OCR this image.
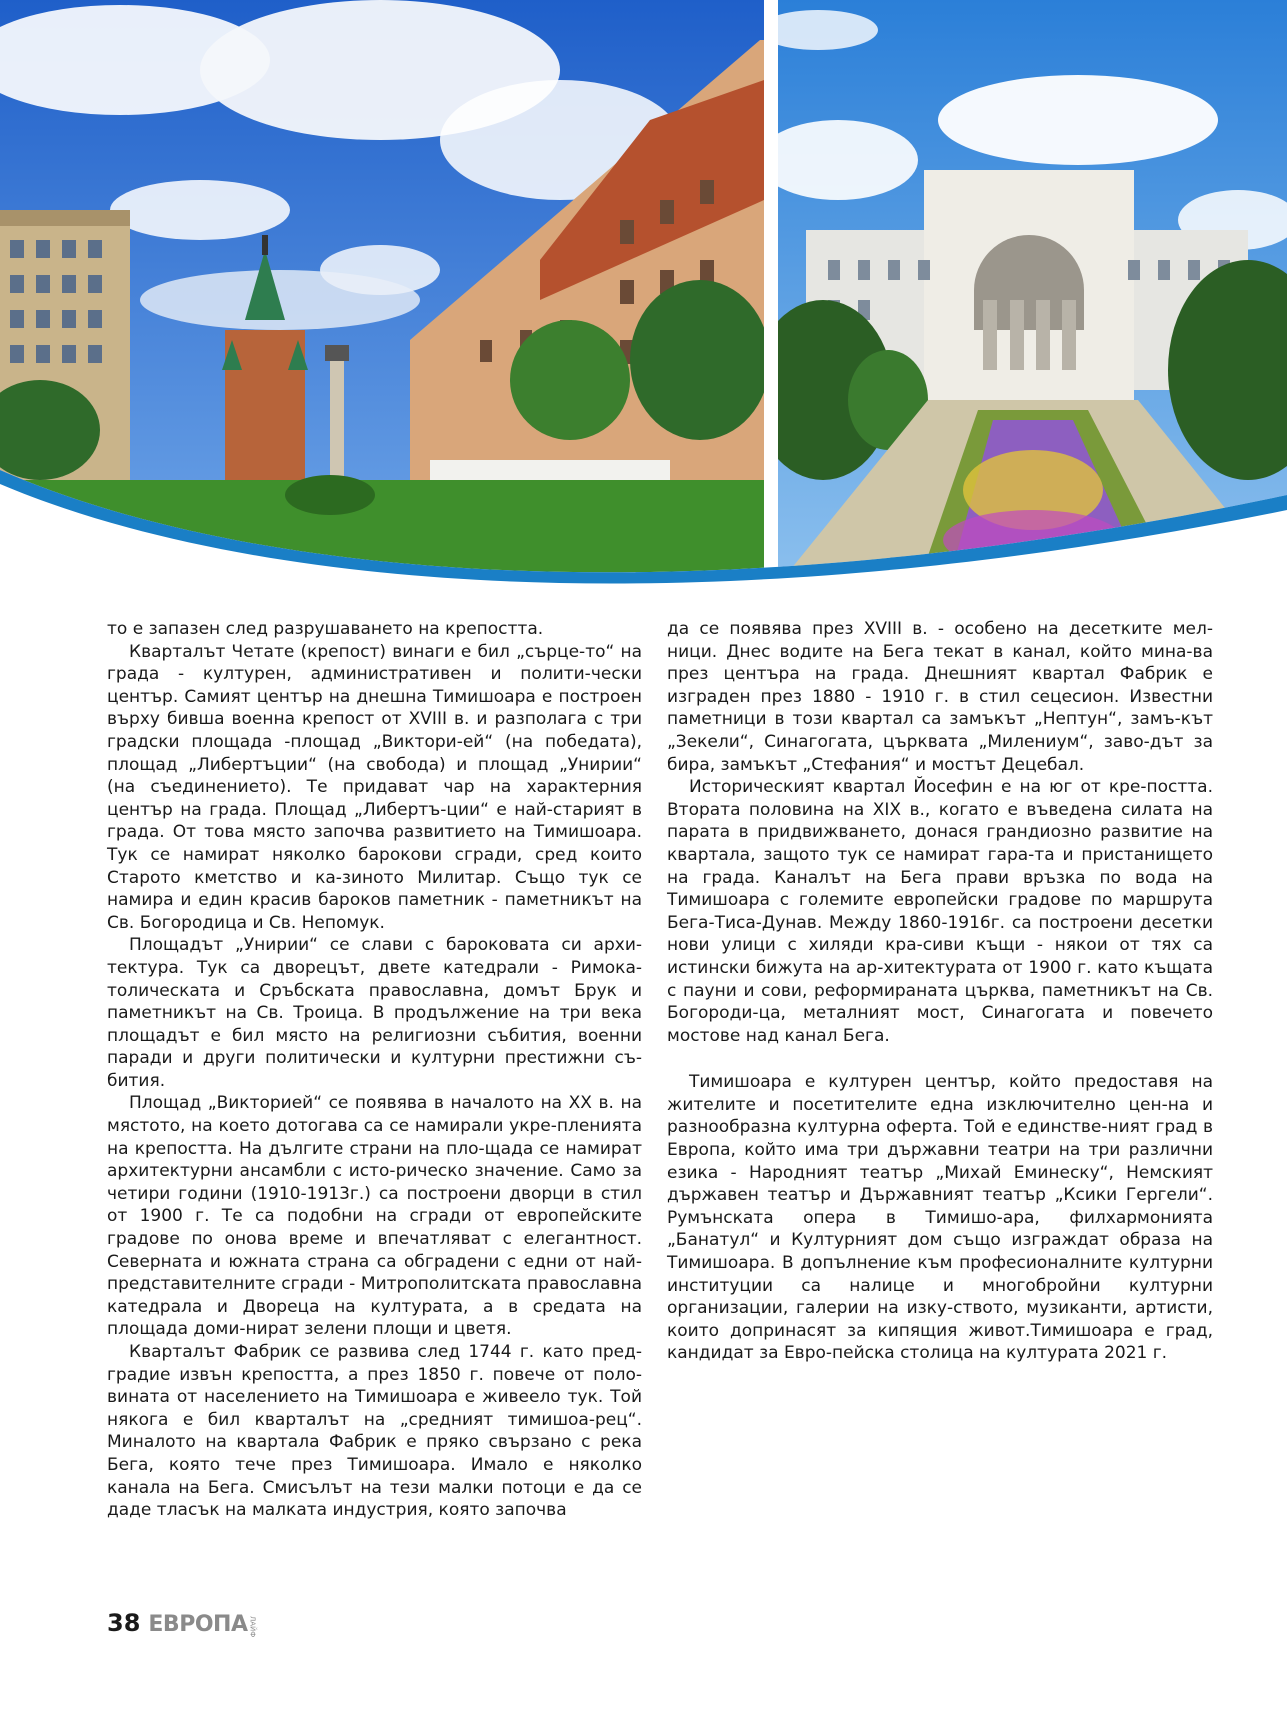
то е запазен след разрушаването на крепостта.

Кварталът Четате (крепост) винаги е бил „сърце-то“ на града - културен, административен и полити-чески център. Самият център на днешна Тимишоара е построен върху бивша военна крепост от XVIII в. и разполага с три градски площада -площад „Виктори-ей“ (на победата), площад „Либертъции“ (на свобода) и площад „Унирии“ (на съединението). Те придават чар на характерния център на града. Площад „Либертъ-ции“ е най-старият в града. От това място започва развитието на Тимишоара. Тук се намират няколко барокови сгради, сред които Старото кметство и ка-зиното Милитар. Също тук се намира и един красив бароков паметник - паметникът на Св. Богородица и Св. Непомук.

Площадът „Унирии“ се слави с бароковата си архи-тектура. Тук са дворецът, двете катедрали - Римока-толическата и Сръбската православна, домът Брук и паметникът на Св. Троица. В продължение на три века площадът е бил място на религиозни събития, военни паради и други политически и културни престижни съ-бития.

Площад „Викторией“ се появява в началото на XX в. на мястото, на което дотогава са се намирали укре-пленията на крепостта. На дългите страни на пло-щада се намират архитектурни ансамбли с исто-рическо значение. Само за четири години (1910-1913г.) са построени дворци в стил от 1900 г. Те са подобни на сгради от европейските градове по онова време и впечатляват с елегантност. Северната и южната страна са обградени с едни от най-представителните сгради - Митрополитската православна катедрала и Двореца на културата, а в средата на площада доми-нират зелени площи и цветя.

Кварталът Фабрик се развива след 1744 г. като пред-градие извън крепостта, а през 1850 г. повече от поло-вината от населението на Тимишоара е живеело тук. Той някога е бил кварталът на „средният тимишоа-рец“. Миналото на квартала Фабрик е пряко свързано с река Бега, която тече през Тимишоара. Имало е няколко канала на Бега. Смисълът на тези малки потоци е да се даде тласък на малката индустрия, която започва

да се появява през XVIII в. - особено на десетките мел-ници. Днес водите на Бега текат в канал, който мина-ва през центъра на града. Днешният квартал Фабрик е изграден през 1880 - 1910 г. в стил сецесион. Известни паметници в този квартал са замъкът „Нептун“, замъ-кът „Зекели“, Синагогата, църквата „Милениум“, заво-дът за бира, замъкът „Стефания“ и мостът Децебал.

Историческият квартал Йосефин е на юг от кре-постта. Втората половина на XIX в., когато е въведена силата на парата в придвижването, донася грандиозно развитие на квартала, защото тук се намират гара-та и пристанището на града. Каналът на Бега прави връзка по вода на Тимишоара с големите европейски градове по маршрута Бега-Тиса-Дунав. Между 1860-1916г. са построени десетки нови улици с хиляди кра-сиви къщи - някои от тях са истински бижута на ар-хитектурата от 1900 г. като къщата с пауни и сови, реформираната църква, паметникът на Св. Богороди-ца, металният мост, Синагогата и повечето мостове над канал Бега.

Тимишоара е културен център, който предоставя на жителите и посетителите една изключително цен-на и разнообразна културна оферта. Той е единстве-ният град в Европа, който има три държавни театри на три различни езика - Народният театър „Михай Еминеску“, Немският държавен театър и Държавният театър „Ксики Гергели“. Румънската опера в Тимишо-ара, филхармонията „Банатул“ и Културният дом също изграждат образа на Тимишоара. В допълнение към професионалните културни институции са налице и многобройни културни организации, галерии на изку-ството, музиканти, артисти, които допринасят за кипящия живот.Тимишоара е град, кандидат за Евро-пейска столица на културата 2021 г.

38 ЕВРОПА ЛАЙФ
